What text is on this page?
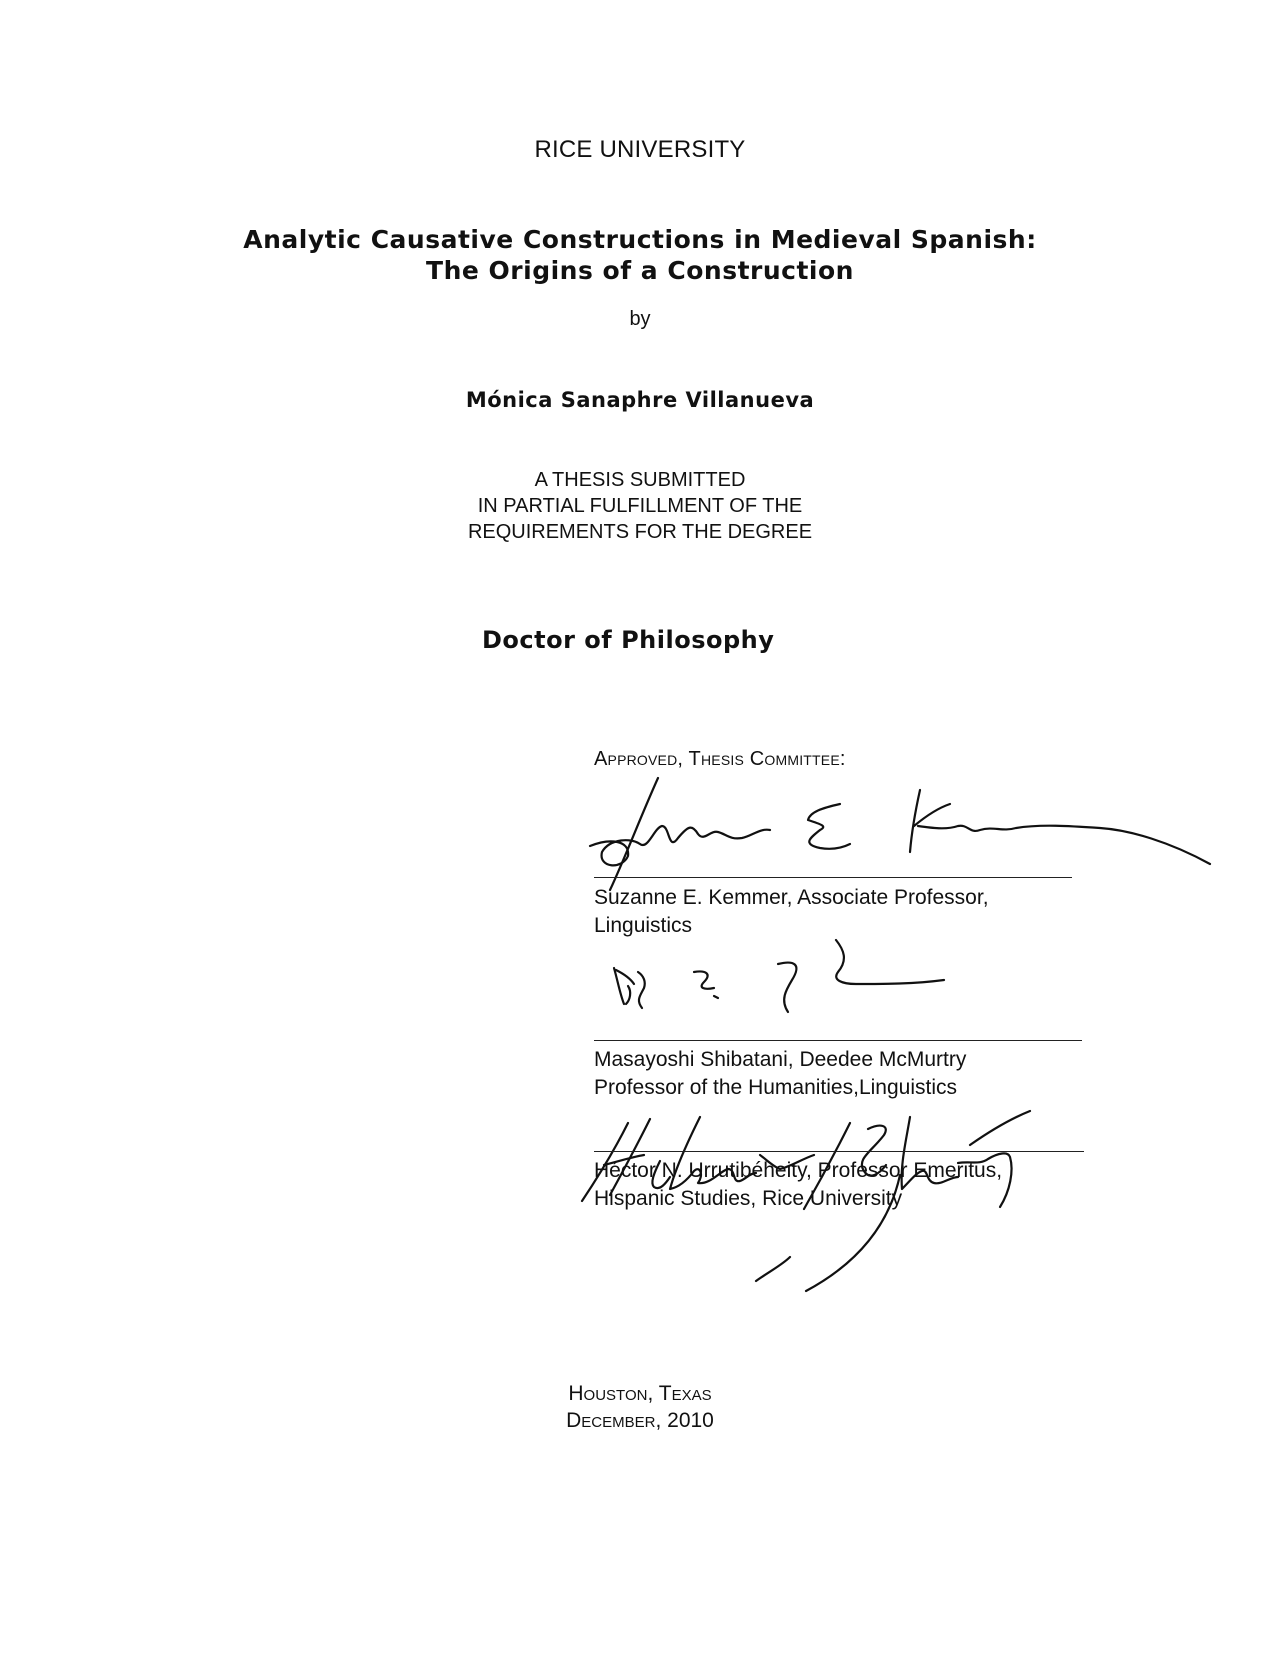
RICE UNIVERSITY
Analytic Causative Constructions in Medieval Spanish:
The Origins of a Construction
by
Mónica Sanaphre Villanueva
A THESIS SUBMITTED
IN PARTIAL FULFILLMENT OF THE
REQUIREMENTS FOR THE DEGREE
Doctor of Philosophy
Approved, Thesis Committee:
Suzanne E. Kemmer, Associate Professor,
Linguistics
Masayoshi Shibatani, Deedee McMurtry
Professor of the Humanities,Linguistics
Héctor N. Urrutibéheity, Professor Emeritus,
Hispanic Studies, Rice University
Houston, Texas
December, 2010
